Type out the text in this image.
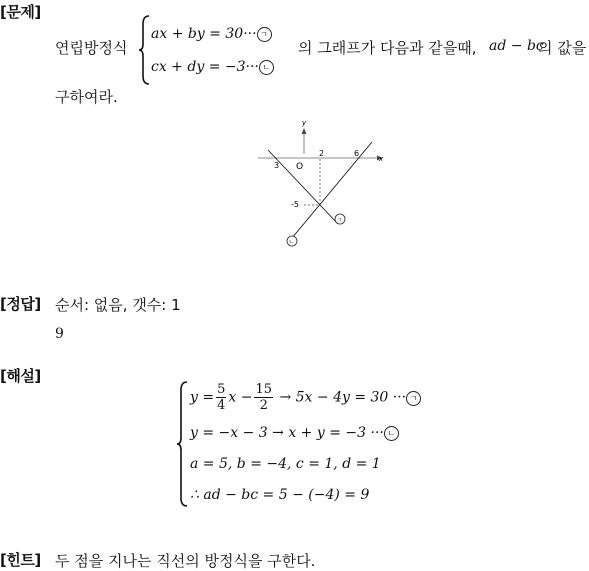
[문제]
연립방정식
ax + by = 30··· ㄱ
cx + dy = −3··· ㄴ
의 그래프가 다음과 같을때, ad − bc
의 값을
구하여라.
y
x
O
3
2	6
-5
ㄱ
ㄴ
[정답] 순서: 없음, 갯수: 1
9
[해설]
$y = \frac{5}{4}$ $x - \frac{15}{2} \to 5x - 4y = 30$ ··· ㄱ
y = −x − 3 → x + y = −3 ··· ㄴ
a = 5, b = −4, c = 1, d = 1
∴ ad − bc = 5 − (−4) = 9
[힌트] 두 점을 지나는 직선의 방정식을 구한다.
